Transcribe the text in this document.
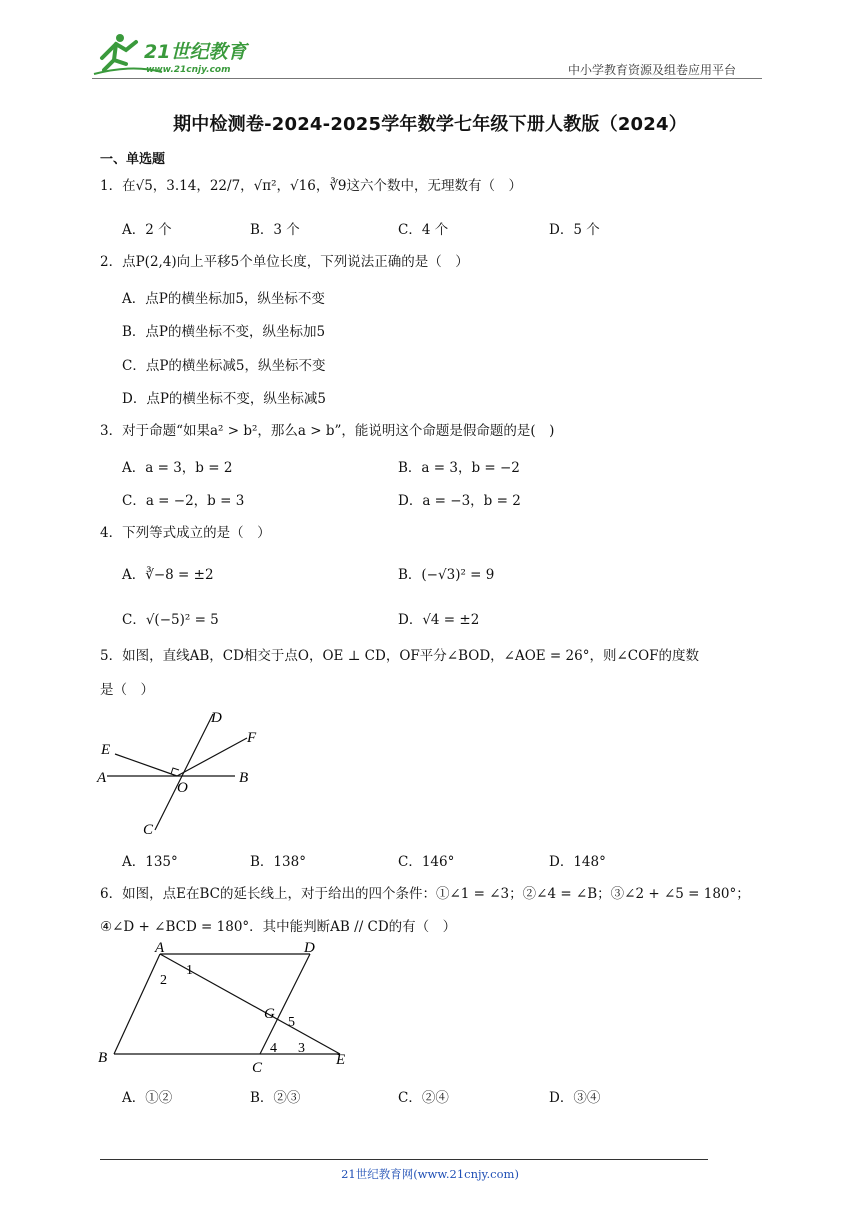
21世纪教育
www.21cnjy.com	中小学教育资源及组卷应用平台
期中检测卷-2024-2025学年数学七年级下册人教版（2024）
一、单选题
1．在√5，3.14，22/7，√π²，√16，∛9这六个数中，无理数有（　）
A．2 个	B．3 个	C．4 个	D．5 个
2．点P(2,4)向上平移5个单位长度，下列说法正确的是（　）
A．点P的横坐标加5，纵坐标不变
B．点P的横坐标不变，纵坐标加5
C．点P的横坐标减5，纵坐标不变
D．点P的横坐标不变，纵坐标减5
3．对于命题“如果a² > b²，那么a > b”，能说明这个命题是假命题的是(　)
A．a = 3，b = 2	B．a = 3，b = −2
C．a = −2，b = 3	D．a = −3，b = 2
4．下列等式成立的是（　）
A．∛−8 = ±2	B．(−√3)² = 9
C．√(−5)² = 5	D．√4 = ±2
5．如图，直线AB，CD相交于点O，OE ⊥ CD，OF平分∠BOD，∠AOE = 26°，则∠COF的度数
是（　）
D
E
F
A
O
B
C
A．135°	B．138°	C．146°	D．148°
6．如图，点E在BC的延长线上，对于给出的四个条件：①∠1 = ∠3；②∠4 = ∠B；③∠2 + ∠5 = 180°；
④∠D + ∠BCD = 180°．其中能判断AB // CD的有（　）
A	D
1
2
G
5
4 3
B
C	E
A．①②	B．②③	C．②④	D．③④
21世纪教育网(www.21cnjy.com)
